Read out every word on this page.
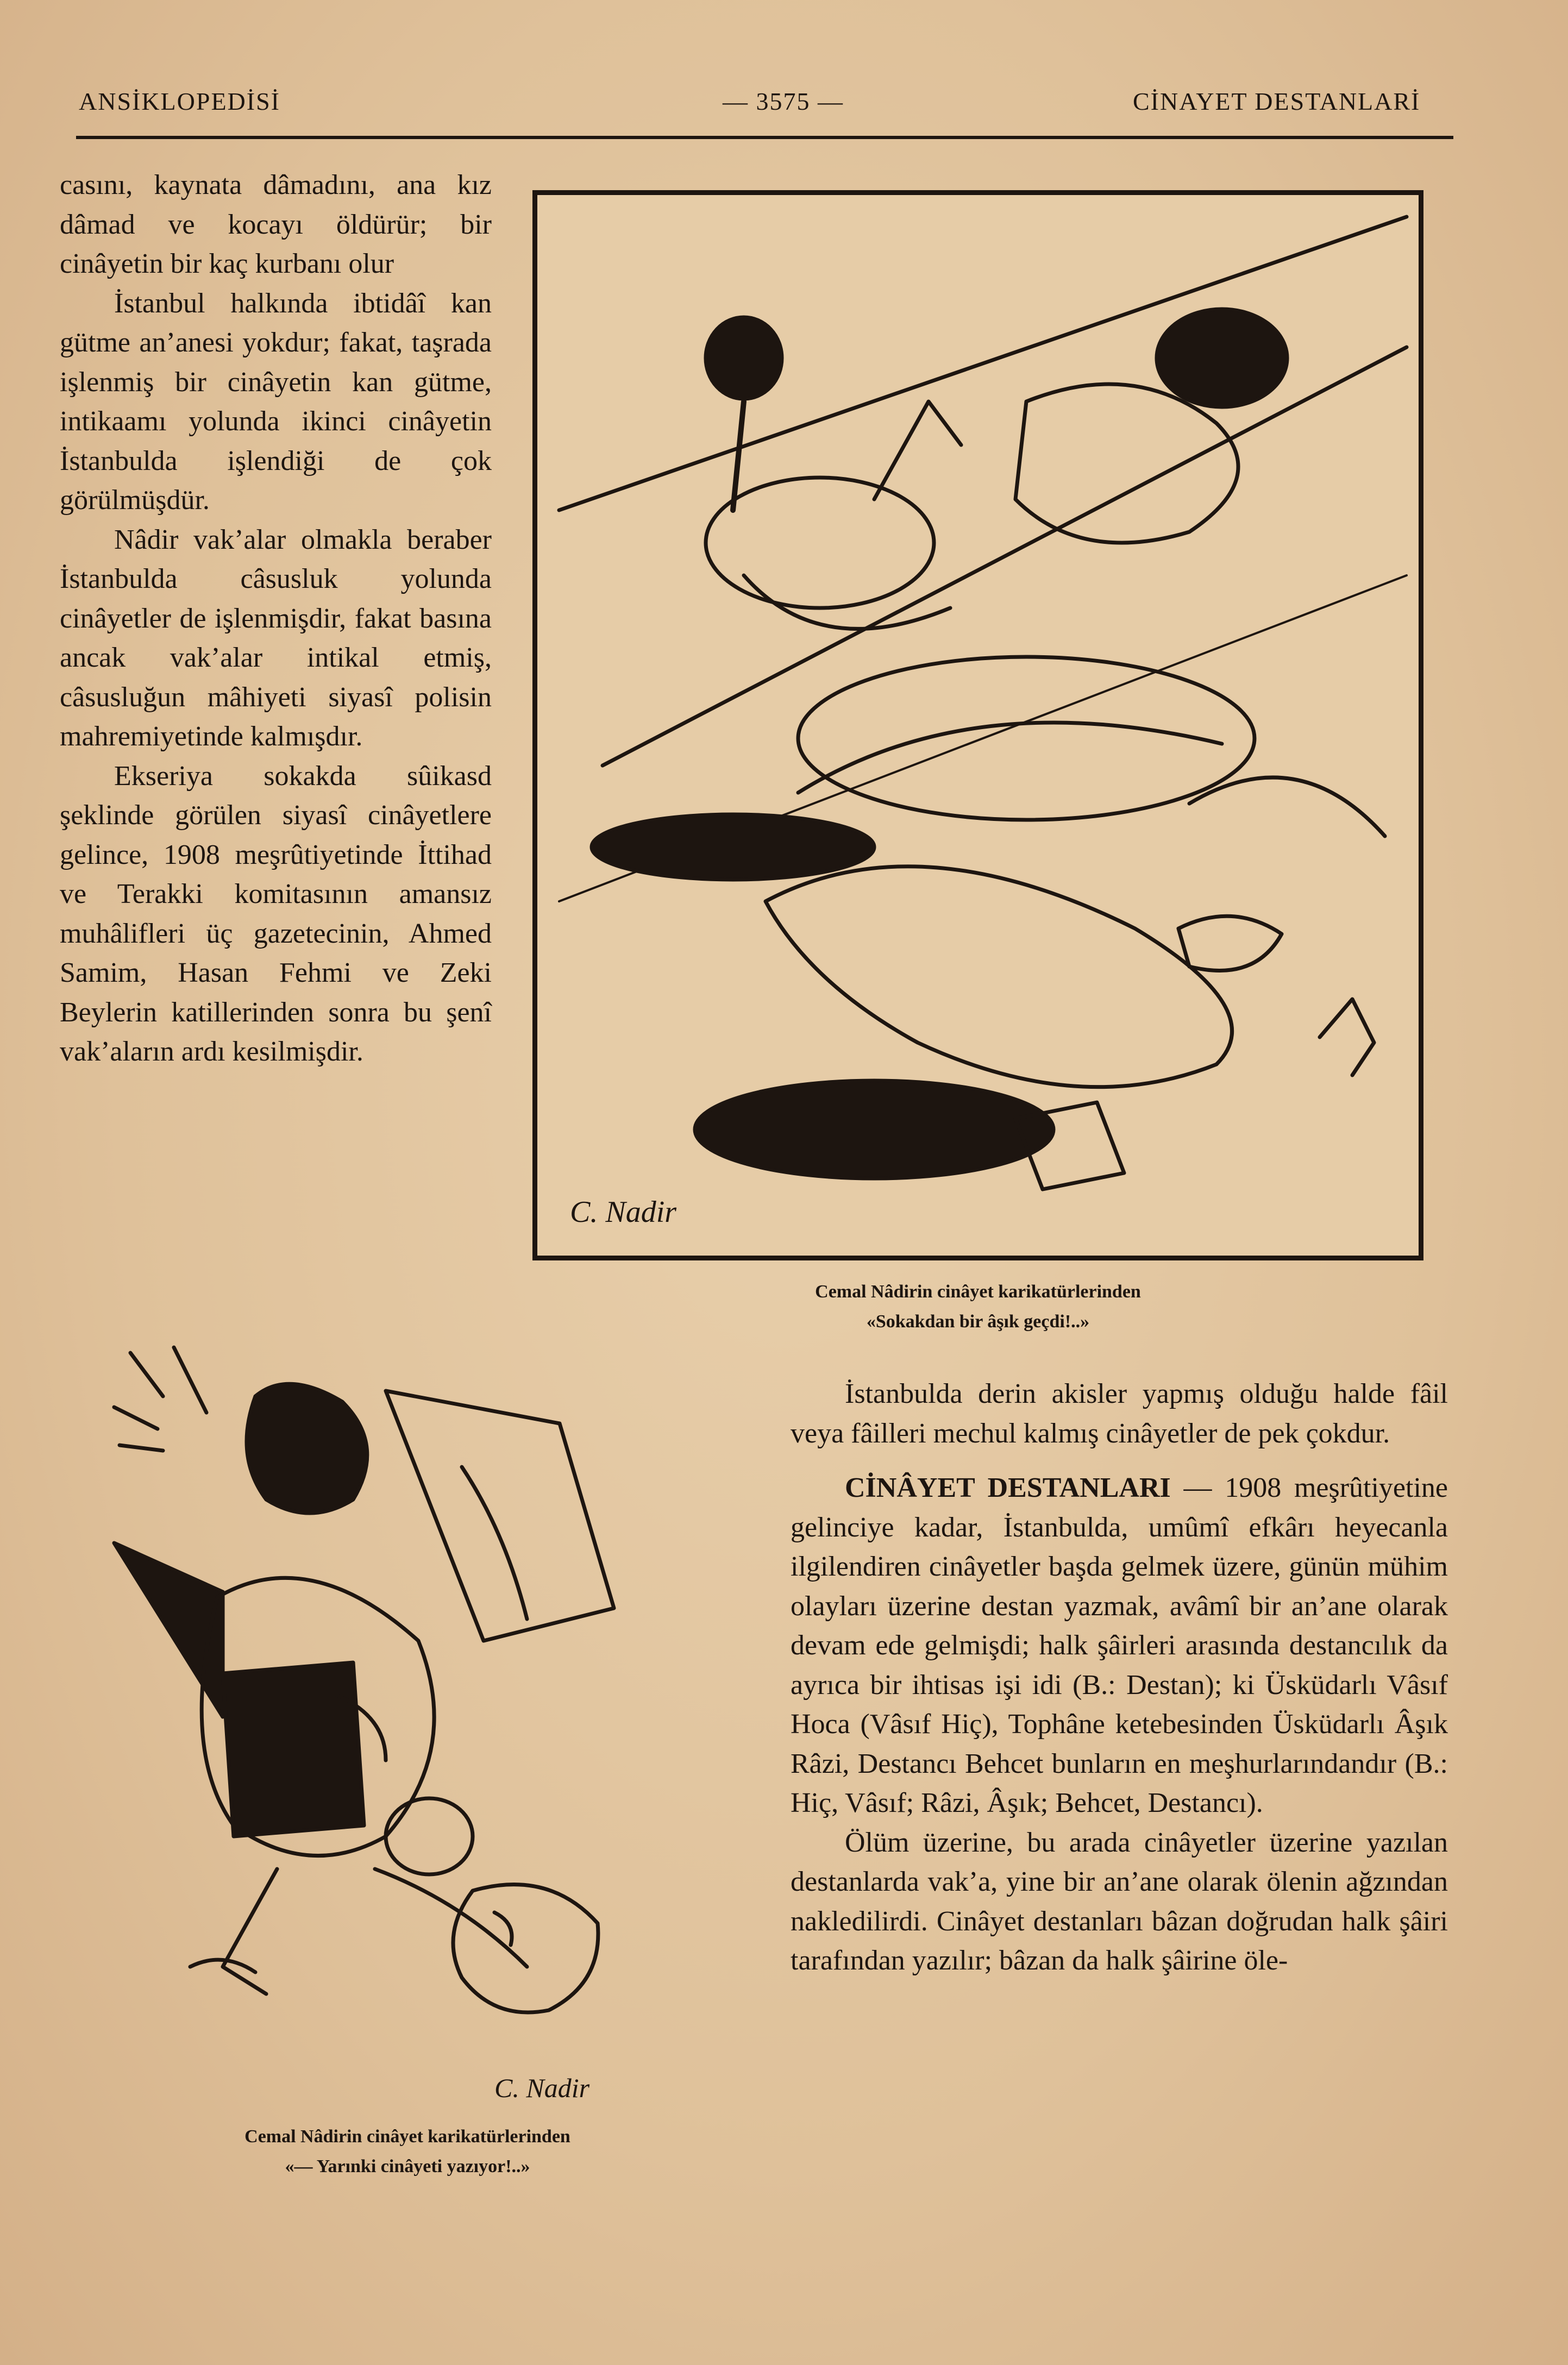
ANSİKLOPEDİSİ	— 3575 —	CİNAYET DESTANLARİ

casını, kaynata dâmadını, ana kız dâmad ve kocayı öldürür; bir cinâyetin bir kaç kurbanı olur

İstanbul halkında ibtidâî kan gütme an’anesi yokdur; fakat, taşrada işlenmiş bir cinâyetin kan gütme, intikaamı yolunda ikinci cinâyetin İstanbulda işlendiği de çok görülmüşdür.

Nâdir vak’alar olmakla beraber İstanbulda câsusluk yolunda cinâyetler de işlenmişdir, fakat basına ancak vak’alar intikal etmiş, câsusluğun mâhiyeti siyasî polisin mahremiyetinde kalmışdır.

Ekseriya sokakda sûikasd şeklinde görülen siyasî cinâyetlere gelince, 1908 meşrûtiyetinde İttihad ve Terakki komitasının amansız muhâlifleri üç gazetecinin, Ahmed Samim, Hasan Fehmi ve Zeki Beylerin katillerinden sonra bu şenî vak’aların ardı kesilmişdir.

C. Nadir
Cemal Nâdirin cinâyet karikatürlerinden
«Sokakdan bir âşık geçdi!..»
C. Nadir
Cemal Nâdirin cinâyet karikatürlerinden
«— Yarınki cinâyeti yazıyor!..»

İstanbulda derin akisler yapmış olduğu halde fâil veya fâilleri mechul kalmış cinâyetler de pek çokdur.

CİNÂYET DESTANLARI — 1908 meşrûtiyetine gelinciye kadar, İstanbulda, umûmî efkârı heyecanla ilgilendiren cinâyetler başda gelmek üzere, günün mühim olayları üzerine destan yazmak, avâmî bir an’ane olarak devam ede gelmişdi; halk şâirleri arasında destancılık da ayrıca bir ihtisas işi idi (B.: Destan); ki Üsküdarlı Vâsıf Hoca (Vâsıf Hiç), Tophâne ketebesinden Üsküdarlı Âşık Râzi, Destancı Behcet bunların en meşhurlarındandır (B.: Hiç, Vâsıf; Râzi, Âşık; Behcet, Destancı).

Ölüm üzerine, bu arada cinâyetler üzerine yazılan destanlarda vak’a, yine bir an’ane olarak ölenin ağzından nakledilirdi. Cinâyet destanları bâzan doğrudan halk şâiri tarafından yazılır; bâzan da halk şâirine öle-
